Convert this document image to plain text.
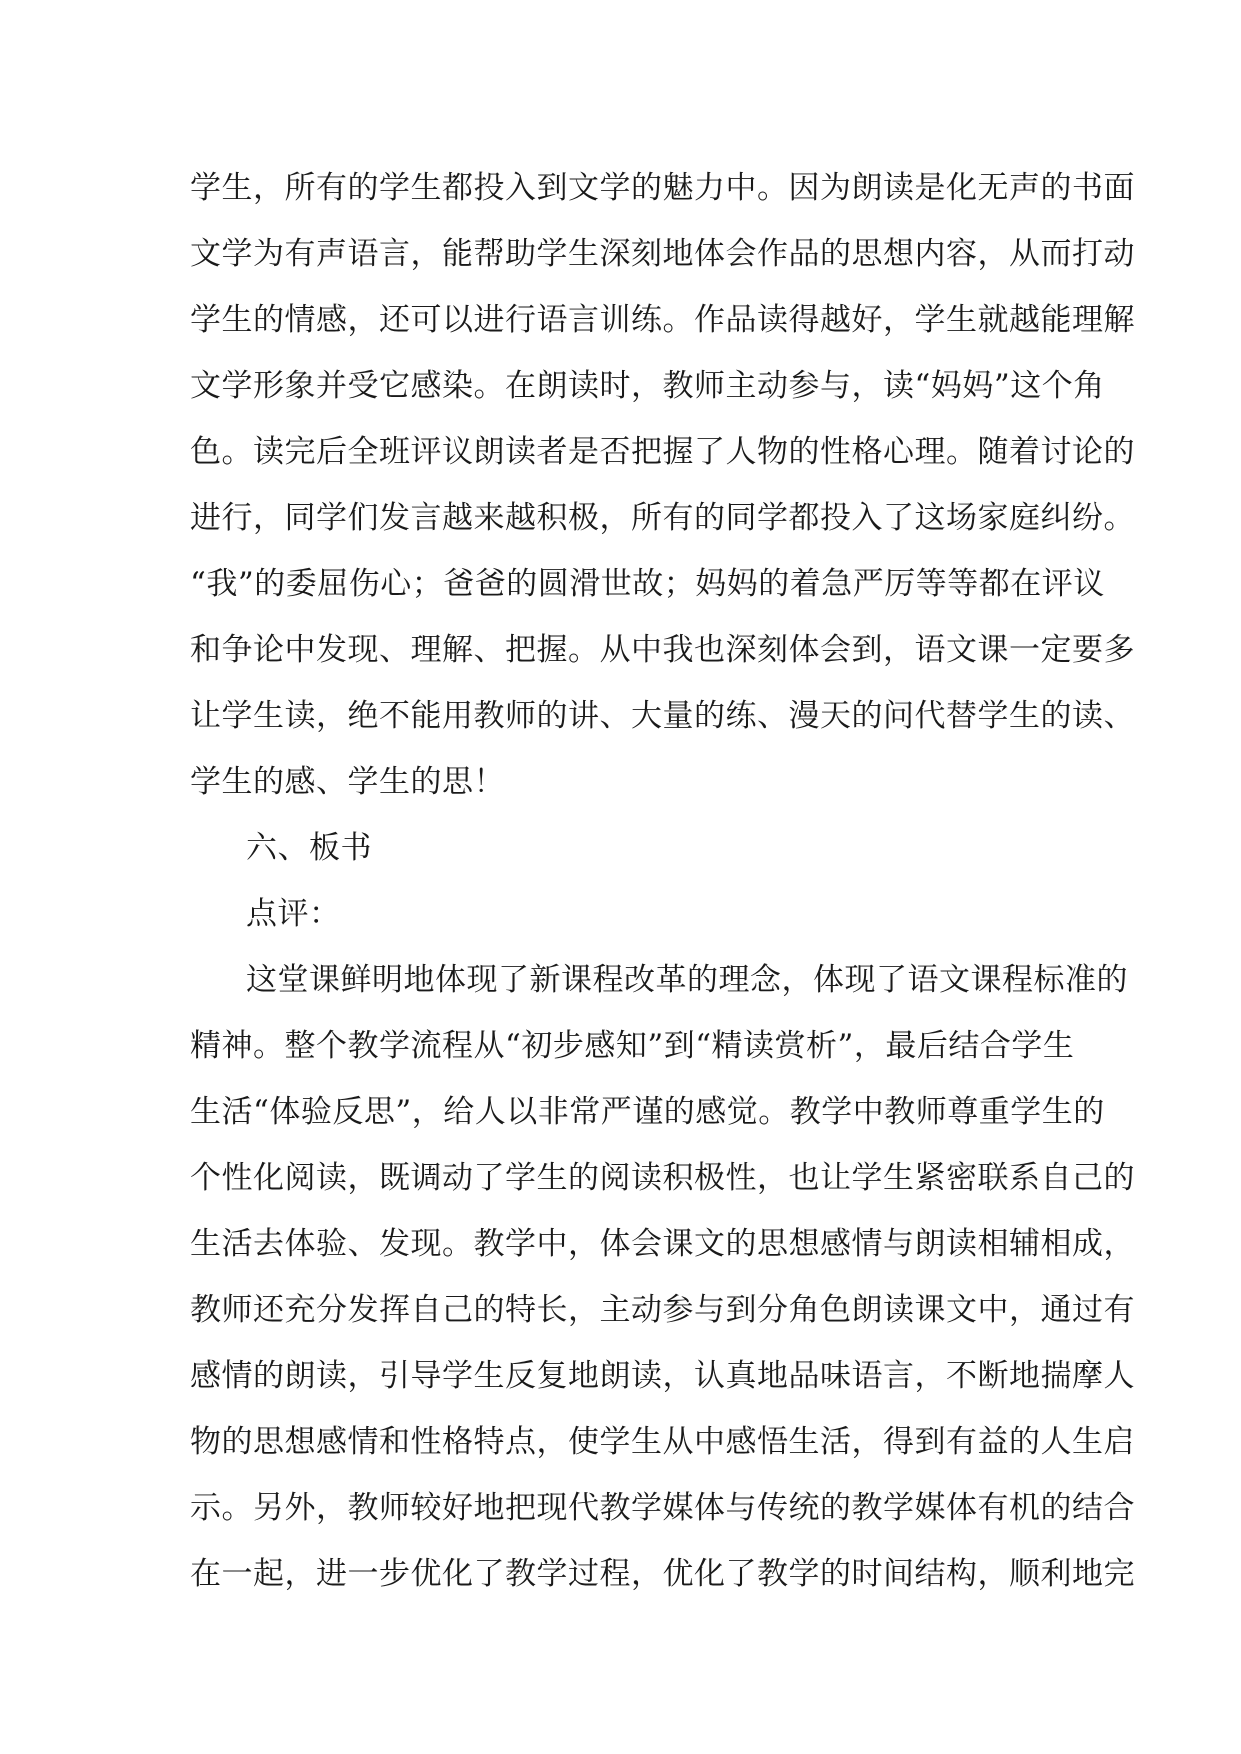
学生，所有的学生都投入到文学的魅力中。因为朗读是化无声的书面

文学为有声语言，能帮助学生深刻地体会作品的思想内容，从而打动

学生的情感，还可以进行语言训练。作品读得越好，学生就越能理解

文学形象并受它感染。在朗读时，教师主动参与，读“妈妈”这个角

色。读完后全班评议朗读者是否把握了人物的性格心理。随着讨论的

进行，同学们发言越来越积极，所有的同学都投入了这场家庭纠纷。

“我”的委屈伤心；爸爸的圆滑世故；妈妈的着急严厉等等都在评议

和争论中发现、理解、把握。从中我也深刻体会到，语文课一定要多

让学生读，绝不能用教师的讲、大量的练、漫天的问代替学生的读、

学生的感、学生的思！

六、板书

点评：

这堂课鲜明地体现了新课程改革的理念，体现了语文课程标准的

精神。整个教学流程从“初步感知”到“精读赏析”，最后结合学生

生活“体验反思”，给人以非常严谨的感觉。教学中教师尊重学生的

个性化阅读，既调动了学生的阅读积极性，也让学生紧密联系自己的

生活去体验、发现。教学中，体会课文的思想感情与朗读相辅相成，

教师还充分发挥自己的特长，主动参与到分角色朗读课文中，通过有

感情的朗读，引导学生反复地朗读，认真地品味语言，不断地揣摩人

物的思想感情和性格特点，使学生从中感悟生活，得到有益的人生启

示。另外，教师较好地把现代教学媒体与传统的教学媒体有机的结合

在一起，进一步优化了教学过程，优化了教学的时间结构，顺利地完
